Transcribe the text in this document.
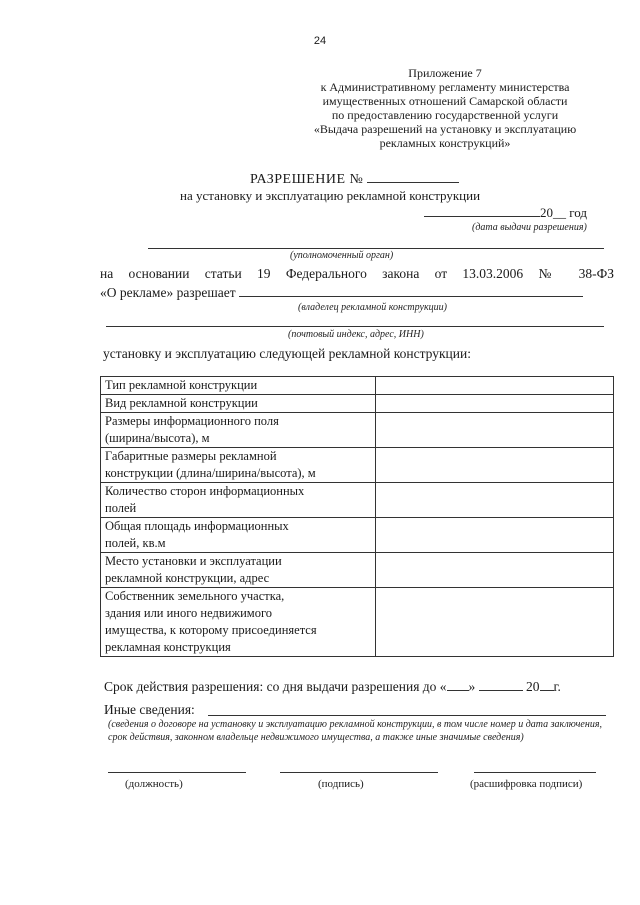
24
Приложение 7
к Административному регламенту министерства
имущественных отношений Самарской области
по предоставлению государственной услуги
«Выдача разрешений на установку и эксплуатацию
рекламных конструкций»
РАЗРЕШЕНИЕ №
на установку и эксплуатацию рекламной конструкции
20__ год
(дата выдачи разрешения)
(уполномоченный орган)
на основании статьи 19 Федерального закона от 13.03.2006 № 38-ФЗ
«О рекламе» разрешает
(владелец рекламной конструкции)
(почтовый индекс, адрес, ИНН)
установку и эксплуатацию следующей рекламной конструкции:
Тип рекламной конструкции	

Вид рекламной конструкции	

Размеры информационного поля
(ширина/высота), м	

Габаритные размеры рекламной
конструкции (длина/ширина/высота), м	

Количество сторон информационных
полей	

Общая площадь информационных
полей, кв.м	

Место установки и эксплуатации
рекламной конструкции, адрес	

Собственник земельного участка,
здания или иного недвижимого
имущества, к которому присоединяется
рекламная конструкция	

Срок действия разрешения: со дня выдачи разрешения до « »	20 г.
Иные сведения:
(сведения о договоре на установку и эксплуатацию рекламной конструкции, в том числе номер и дата заключения, срок действия, законном владельце недвижимого имущества, а также иные значимые сведения)
(должность)	(подпись)	(расшифровка подписи)
